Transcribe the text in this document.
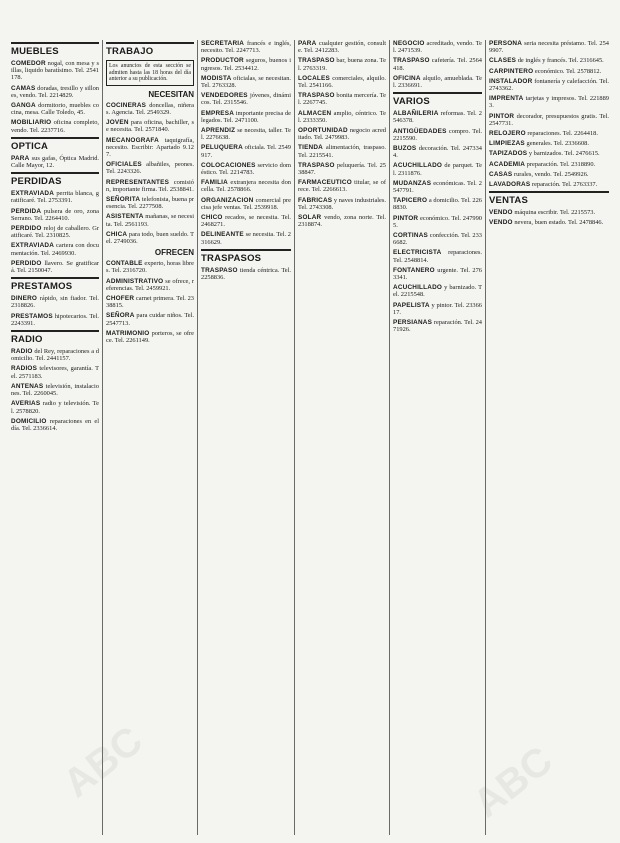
MUEBLES
COMEDOR nogal, con mesa y sillas, liquido baratísimo. Tel. 2541178.
CAMAS doradas, tresillo y sillones, vendo. Tel. 2214829.
GANGA dormitorio, muebles cocina, mesa. Calle Toledo, 45.
MOBILIARIO oficina completo, vendo. Tel. 2237716.
OPTICA
PARA sus gafas, Óptica Madrid. Calle Mayor, 12.
PERDIDAS
EXTRAVIADA perrita blanca, gratificaré. Tel. 2753391.
PERDIDA pulsera de oro, zona Serrano. Tel. 2264410.
PERDIDO reloj de caballero. Gratificaré. Tel. 2310825.
EXTRAVIADA cartera con documentación. Tel. 2469930.
PERDIDO llavero. Se gratificará. Tel. 2150047.
PRESTAMOS
DINERO rápido, sin fiador. Tel. 2318826.
PRESTAMOS hipotecarios. Tel. 2243391.
RADIO
RADIO del Rey, reparaciones a domicilio. Tel. 2441157.
RADIOS televisores, garantía. Tel. 2571183.
ANTENAS televisión, instalaciones. Tel. 2260045.
AVERIAS radio y televisión. Tel. 2578820.
DOMICILIO reparaciones en el día. Tel. 2336614.
TRABAJO
Los anuncios de esta sección se admiten hasta las 18 horas del día anterior a su publicación.
NECESITAN
COCINERAS doncellas, niñeras. Agencia. Tel. 2549329.
JOVEN para oficina, bachiller, se necesita. Tel. 2571840.
MECANOGRAFA taquigrafía, necesito. Escribir: Apartado 9.127.
OFICIALES albañiles, peones. Tel. 2243326.
REPRESENTANTES comisión, importante firma. Tel. 2538841.
SEÑORITA telefonista, buena presencia. Tel. 2277508.
ASISTENTA mañanas, se necesita. Tel. 2561193.
CHICA para todo, buen sueldo. Tel. 2749036.
OFRECEN
CONTABLE experto, horas libres. Tel. 2316720.
ADMINISTRATIVO se ofrece, referencias. Tel. 2459921.
CHOFER carnet primera. Tel. 2338815.
SEÑORA para cuidar niños. Tel. 2547713.
MATRIMONIO porteros, se ofrece. Tel. 2261149.
SECRETARIA francés e inglés, necesito. Tel. 2247713.
PRODUCTOR seguros, buenos ingresos. Tel. 2534412.
MODISTA oficialas, se necesitan. Tel. 2763328.
VENDEDORES jóvenes, dinámicos. Tel. 2315546.
EMPRESA importante precisa delegados. Tel. 2471100.
APRENDIZ se necesita, taller. Tel. 2276638.
PELUQUERA oficiala. Tel. 2549917.
COLOCACIONES servicio doméstico. Tel. 2214783.
FAMILIA extranjera necesita doncella. Tel. 2578866.
ORGANIZACION comercial precisa jefe ventas. Tel. 2539918.
CHICO recados, se necesita. Tel. 2468271.
DELINEANTE se necesita. Tel. 2316629.
TRASPASOS
TRASPASO tienda céntrica. Tel. 2258836.
PARA cualquier gestión, consulte. Tel. 2412283.
TRASPASO bar, buena zona. Tel. 2763319.
LOCALES comerciales, alquilo. Tel. 2541166.
TRASPASO bonita mercería. Tel. 2267745.
ALMACEN amplio, céntrico. Tel. 2333350.
OPORTUNIDAD negocio acreditado. Tel. 2479983.
TIENDA alimentación, traspaso. Tel. 2215541.
TRASPASO peluquería. Tel. 2538847.
FARMACEUTICO titular, se ofrece. Tel. 2266613.
FABRICAS y naves industriales. Tel. 2743308.
SOLAR vendo, zona norte. Tel. 2318874.
NEGOCIO acreditado, vendo. Tel. 2471539.
TRASPASO cafetería. Tel. 2564418.
OFICINA alquilo, amueblada. Tel. 2336691.
VARIOS
ALBAÑILERIA reformas. Tel. 2546378.
ANTIGÜEDADES compro. Tel. 2215590.
BUZOS decoración. Tel. 2473344.
ACUCHILLADO de parquet. Tel. 2311876.
MUDANZAS económicas. Tel. 2547791.
TAPICERO a domicilio. Tel. 2268830.
PINTOR económico. Tel. 2479905.
CORTINAS confección. Tel. 2336682.
ELECTRICISTA reparaciones. Tel. 2548814.
FONTANERO urgente. Tel. 2763341.
ACUCHILLADO y barnizado. Tel. 2215548.
PAPELISTA y pintor. Tel. 2336617.
PERSIANAS reparación. Tel. 2471926.
PERSONA seria necesita préstamo. Tel. 2549907.
CLASES de inglés y francés. Tel. 2316645.
CARPINTERO económico. Tel. 2578812.
INSTALADOR fontanería y calefacción. Tel. 2743362.
IMPRENTA tarjetas y impresos. Tel. 2218893.
PINTOR decorador, presupuestos gratis. Tel. 2547731.
RELOJERO reparaciones. Tel. 2264418.
LIMPIEZAS generales. Tel. 2336608.
TAPIZADOS y barnizados. Tel. 2476615.
ACADEMIA preparación. Tel. 2318890.
CASAS rurales, vendo. Tel. 2549926.
LAVADORAS reparación. Tel. 2763337.
VENTAS
VENDO máquina escribir. Tel. 2215573.
VENDO nevera, buen estado. Tel. 2478846.
ABC	ABC
